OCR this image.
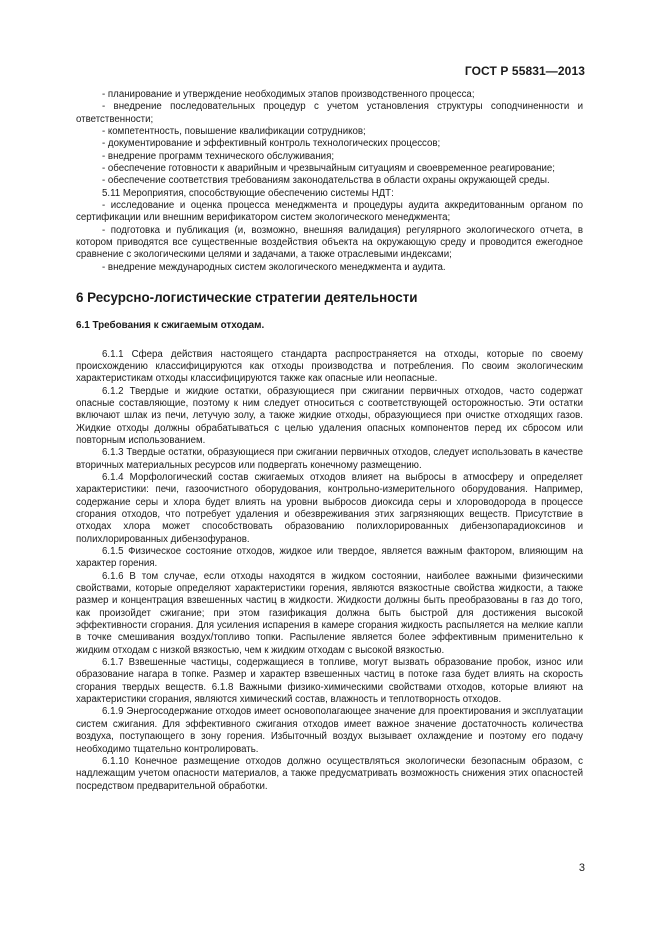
ГОСТ Р 55831—2013

- планирование и утверждение необходимых этапов производственного процесса;

- внедрение последовательных процедур с учетом установления структуры соподчиненности и ответственности;

- компетентность, повышение квалификации сотрудников;

- документирование и эффективный контроль технологических процессов;

- внедрение программ технического обслуживания;

- обеспечение готовности к аварийным и чрезвычайным ситуациям и своевременное реагирование;

- обеспечение соответствия требованиям законодательства в области охраны окружающей среды.

5.11 Мероприятия, способствующие обеспечению системы НДТ:

- исследование и оценка процесса менеджмента и процедуры аудита аккредитованным органом по сертификации или внешним верификатором систем экологического менеджмента;

- подготовка и публикация (и, возможно, внешняя валидация) регулярного экологического отчета, в котором приводятся все существенные воздействия объекта на окружающую среду и проводится ежегодное сравнение с экологическими целями и задачами, а также отраслевыми индексами;

- внедрение международных систем экологического менеджмента и аудита.

6 Ресурсно-логистические стратегии деятельности
6.1 Требования к сжигаемым отходам.

6.1.1 Сфера действия настоящего стандарта распространяется на отходы, которые по своему происхождению классифицируются как отходы производства и потребления. По своим экологическим характеристикам отходы классифицируются также как опасные или неопасные.

6.1.2 Твердые и жидкие остатки, образующиеся при сжигании первичных отходов, часто содержат опасные составляющие, поэтому к ним следует относиться с соответствующей осторожностью. Эти остатки включают шлак из печи, летучую золу, а также жидкие отходы, образующиеся при очистке отходящих газов. Жидкие отходы должны обрабатываться с целью удаления опасных компонентов перед их сбросом или повторным использованием.

6.1.3 Твердые остатки, образующиеся при сжигании первичных отходов, следует использовать в качестве вторичных материальных ресурсов или подвергать конечному размещению.

6.1.4 Морфологический состав сжигаемых отходов влияет на выбросы в атмосферу и определяет характеристики: печи, газоочистного оборудования, контрольно-измерительного оборудования. Например, содержание серы и хлора будет влиять на уровни выбросов диоксида серы и хлороводорода в процессе сгорания отходов, что потребует удаления и обезвреживания этих загрязняющих веществ. Присутствие в отходах хлора может способствовать образованию полихлорированных дибензопарадиоксинов и полихлорированных дибензофуранов.

6.1.5 Физическое состояние отходов, жидкое или твердое, является важным фактором, влияющим на характер горения.

6.1.6 В том случае, если отходы находятся в жидком состоянии, наиболее важными физическими свойствами, которые определяют характеристики горения, являются вязкостные свойства жидкости, а также размер и концентрация взвешенных частиц в жидкости. Жидкости должны быть преобразованы в газ до того, как произойдет сжигание; при этом газификация должна быть быстрой для достижения высокой эффективности сгорания. Для усиления испарения в камере сгорания жидкость распыляется на мелкие капли в точке смешивания воздух/топливо топки. Распыление является более эффективным применительно к жидким отходам с низкой вязкостью, чем к жидким отходам с высокой вязкостью.

6.1.7 Взвешенные частицы, содержащиеся в топливе, могут вызвать образование пробок, износ или образование нагара в топке. Размер и характер взвешенных частиц в потоке газа будет влиять на скорость сгорания твердых веществ. 6.1.8 Важными физико-химическими свойствами отходов, которые влияют на характеристики сгорания, являются химический состав, влажность и теплотворность отходов.

6.1.9 Энергосодержание отходов имеет основополагающее значение для проектирования и эксплуатации систем сжигания. Для эффективного сжигания отходов имеет важное значение достаточность количества воздуха, поступающего в зону горения. Избыточный воздух вызывает охлаждение и поэтому его подачу необходимо тщательно контролировать.

6.1.10 Конечное размещение отходов должно осуществляться экологически безопасным образом, с надлежащим учетом опасности материалов, а также предусматривать возможность снижения этих опасностей посредством предварительной обработки.

3
